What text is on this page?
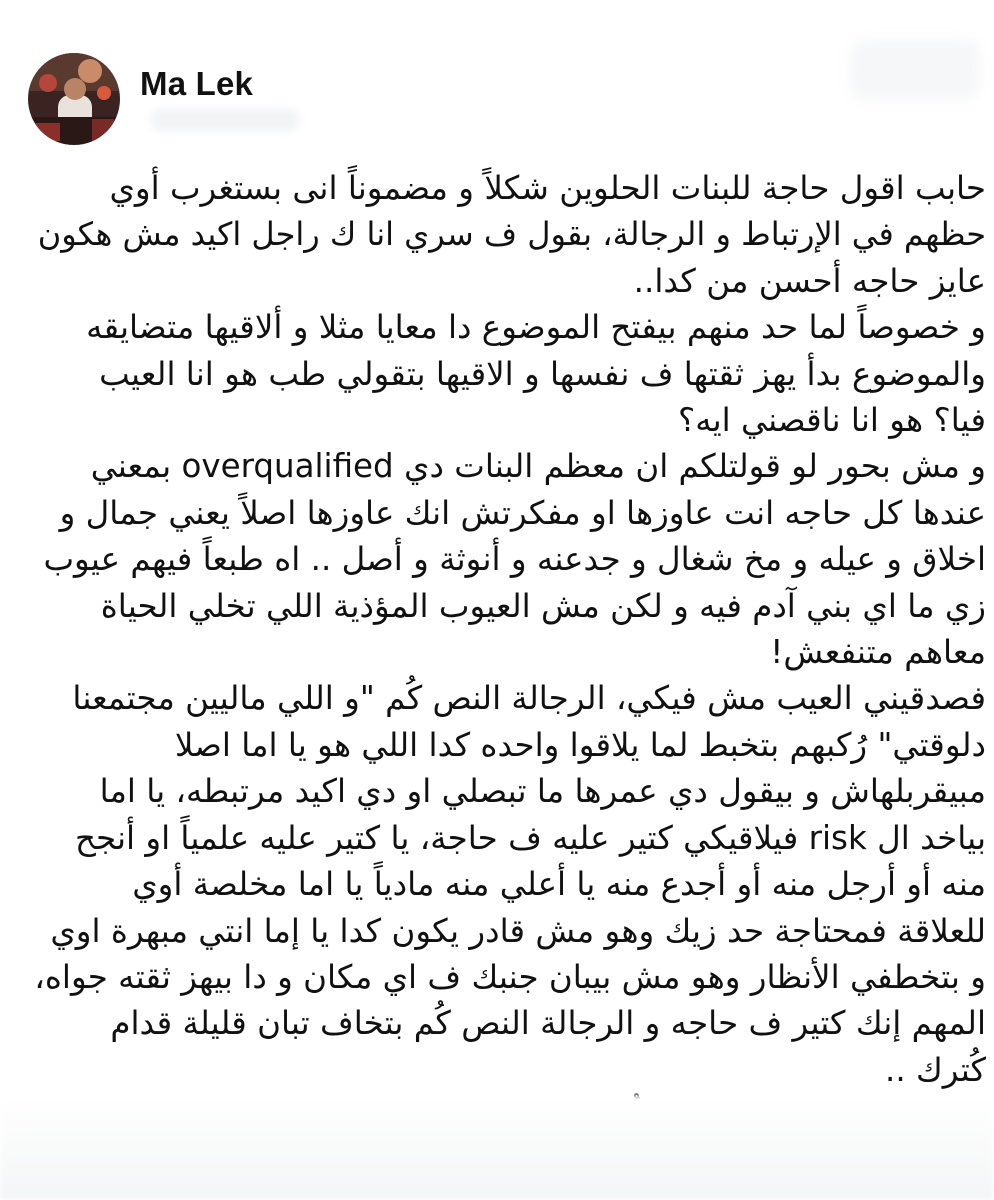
Ma Lek
حابب اقول حاجة للبنات الحلوين شكلاً و مضموناً انى بستغرب أوي
حظهم في الإرتباط و الرجالة، بقول ف سري انا ك راجل اكيد مش هكون
عايز حاجه أحسن من كدا..
و خصوصاً لما حد منهم بيفتح الموضوع دا معايا مثلا و ألاقيها متضايقه
والموضوع بدأ يهز ثقتها ف نفسها و الاقيها بتقولي طب هو انا العيب
فيا؟ هو انا ناقصني ايه؟
و مش بحور لو قولتلكم ان معظم البنات دي overqualified بمعني
عندها كل حاجه انت عاوزها او مفكرتش انك عاوزها اصلاً يعني جمال و
اخلاق و عيله و مخ شغال و جدعنه و أنوثة و أصل .. اه طبعاً فيهم عيوب
زي ما اي بني آدم فيه و لكن مش العيوب المؤذية اللي تخلي الحياة
معاهم متنفعش!
فصدقيني العيب مش فيكي، الرجالة النص كُم "و اللي ماليين مجتمعنا
دلوقتي" رُكبهم بتخبط لما يلاقوا واحده كدا اللي هو يا اما اصلا
مبيقربلهاش و بيقول دي عمرها ما تبصلي او دي اكيد مرتبطه، يا اما
بياخد ال risk فيلاقيكي كتير عليه ف حاجة، يا كتير عليه علمياً او أنجح
منه أو أرجل منه أو أجدع منه يا أعلي منه مادياً يا اما مخلصة أوي
للعلاقة فمحتاجة حد زيك وهو مش قادر يكون كدا يا إما انتي مبهرة اوي
و بتخطفي الأنظار وهو مش بيبان جنبك ف اي مكان و دا بيهز ثقته جواه،
المهم إنك كتير ف حاجه و الرجالة النص كُم بتخاف تبان قليلة قدام
كُترك ..
